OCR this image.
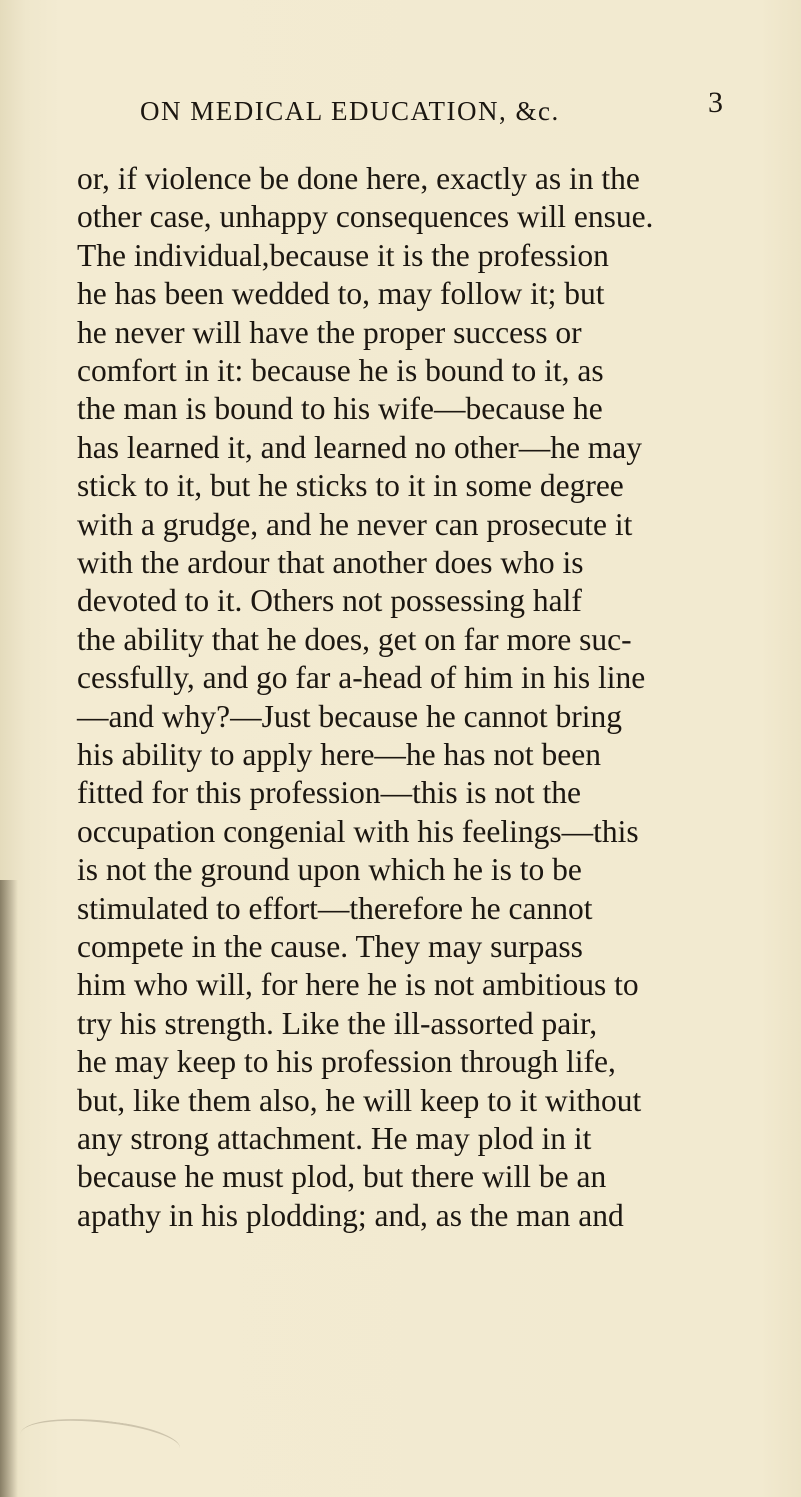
ON MEDICAL EDUCATION, &c.	3
or, if violence be done here, exactly as in the
other case, unhappy consequences will ensue.
The individual,because it is the profession
he has been wedded to, may follow it; but
he never will have the proper success or
comfort in it: because he is bound to it, as
the man is bound to his wife—because he
has learned it, and learned no other—he may
stick to it, but he sticks to it in some degree
with a grudge, and he never can prosecute it
with the ardour that another does who is
devoted to it. Others not possessing half
the ability that he does, get on far more suc-
cessfully, and go far a-head of him in his line
—and why?—Just because he cannot bring
his ability to apply here—he has not been
fitted for this profession—this is not the
occupation congenial with his feelings—this
is not the ground upon which he is to be
stimulated to effort—therefore he cannot
compete in the cause. They may surpass
him who will, for here he is not ambitious to
try his strength. Like the ill-assorted pair,
he may keep to his profession through life,
but, like them also, he will keep to it without
any strong attachment. He may plod in it
because he must plod, but there will be an
apathy in his plodding; and, as the man and
